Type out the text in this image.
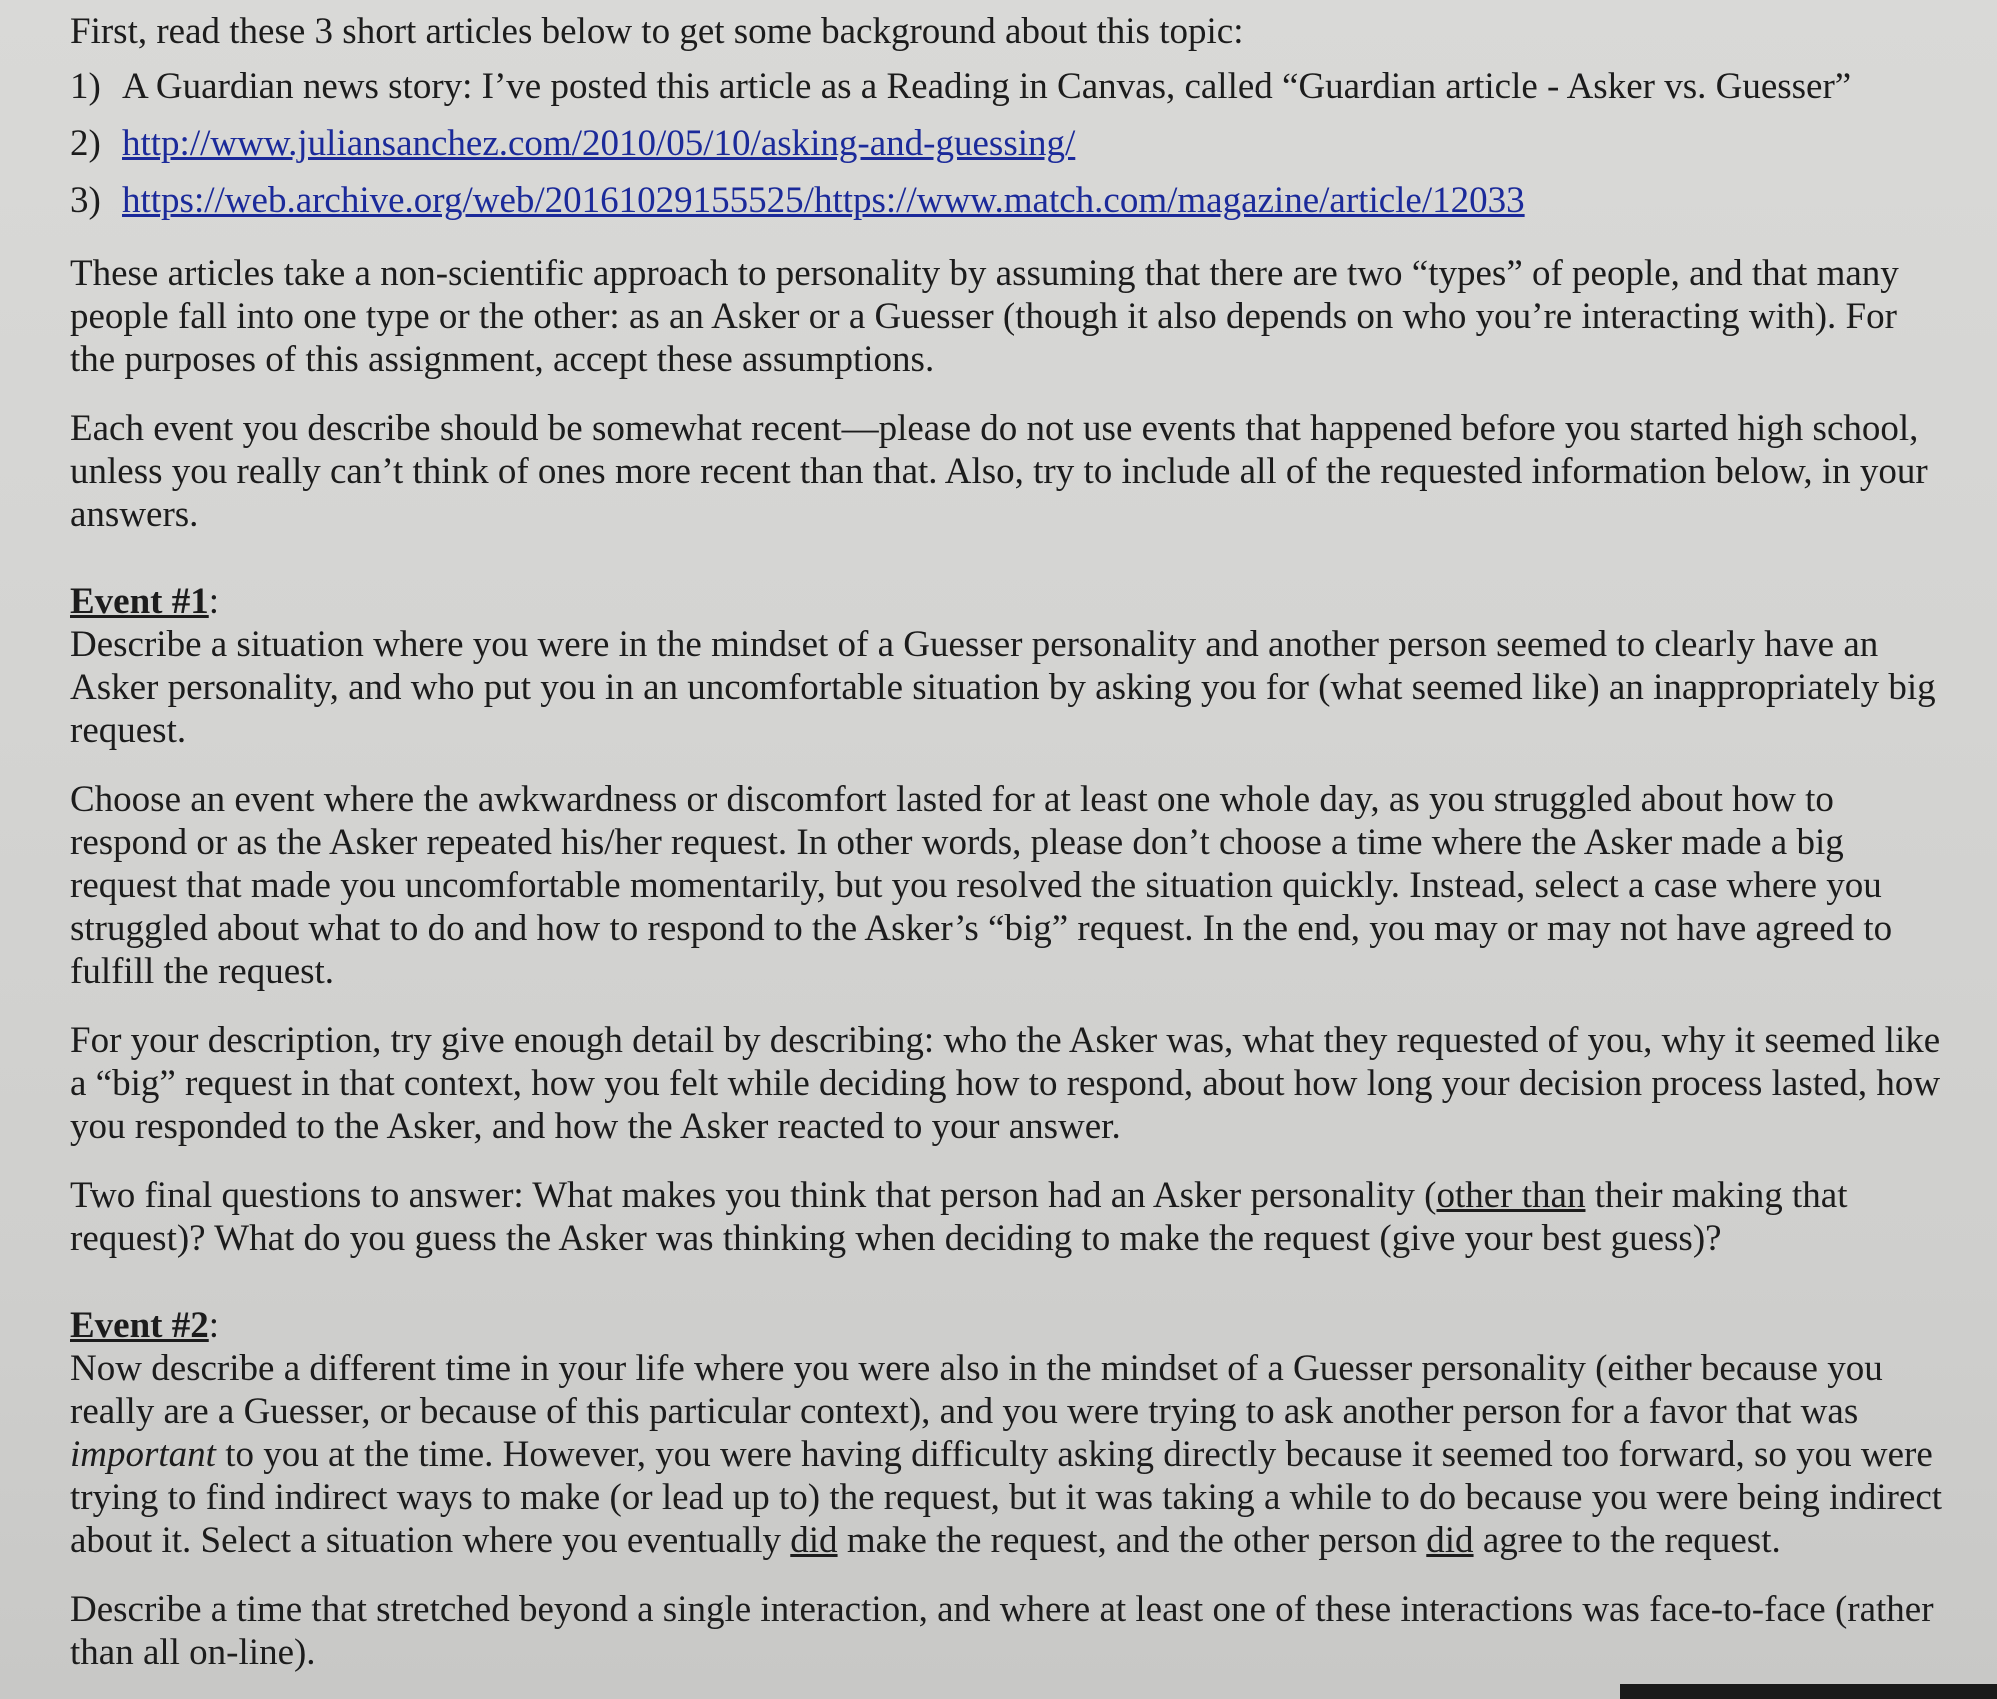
First, read these 3 short articles below to get some background about this topic:

1) A Guardian news story: I’ve posted this article as a Reading in Canvas, called “Guardian article - Asker vs. Guesser”
2) http://www.juliansanchez.com/2010/05/10/asking-and-guessing/
3) https://web.archive.org/web/20161029155525/https://www.match.com/magazine/article/12033

These articles take a non-scientific approach to personality by assuming that there are two “types” of people, and that many people fall into one type or the other: as an Asker or a Guesser (though it also depends on who you’re interacting with). For the purposes of this assignment, accept these assumptions.

Each event you describe should be somewhat recent—please do not use events that happened before you started high school, unless you really can’t think of ones more recent than that. Also, try to include all of the requested information below, in your answers.

Event #1:

Describe a situation where you were in the mindset of a Guesser personality and another person seemed to clearly have an Asker personality, and who put you in an uncomfortable situation by asking you for (what seemed like) an inappropriately big request.

Choose an event where the awkwardness or discomfort lasted for at least one whole day, as you struggled about how to respond or as the Asker repeated his/her request. In other words, please don’t choose a time where the Asker made a big request that made you uncomfortable momentarily, but you resolved the situation quickly. Instead, select a case where you struggled about what to do and how to respond to the Asker’s “big” request. In the end, you may or may not have agreed to fulfill the request.

For your description, try give enough detail by describing: who the Asker was, what they requested of you, why it seemed like a “big” request in that context, how you felt while deciding how to respond, about how long your decision process lasted, how you responded to the Asker, and how the Asker reacted to your answer.

Two final questions to answer: What makes you think that person had an Asker personality (other than their making that request)? What do you guess the Asker was thinking when deciding to make the request (give your best guess)?

Event #2:

Now describe a different time in your life where you were also in the mindset of a Guesser personality (either because you really are a Guesser, or because of this particular context), and you were trying to ask another person for a favor that was important to you at the time. However, you were having difficulty asking directly because it seemed too forward, so you were trying to find indirect ways to make (or lead up to) the request, but it was taking a while to do because you were being indirect about it. Select a situation where you eventually did make the request, and the other person did agree to the request.

Describe a time that stretched beyond a single interaction, and where at least one of these interactions was face-to-face (rather than all on-line).
